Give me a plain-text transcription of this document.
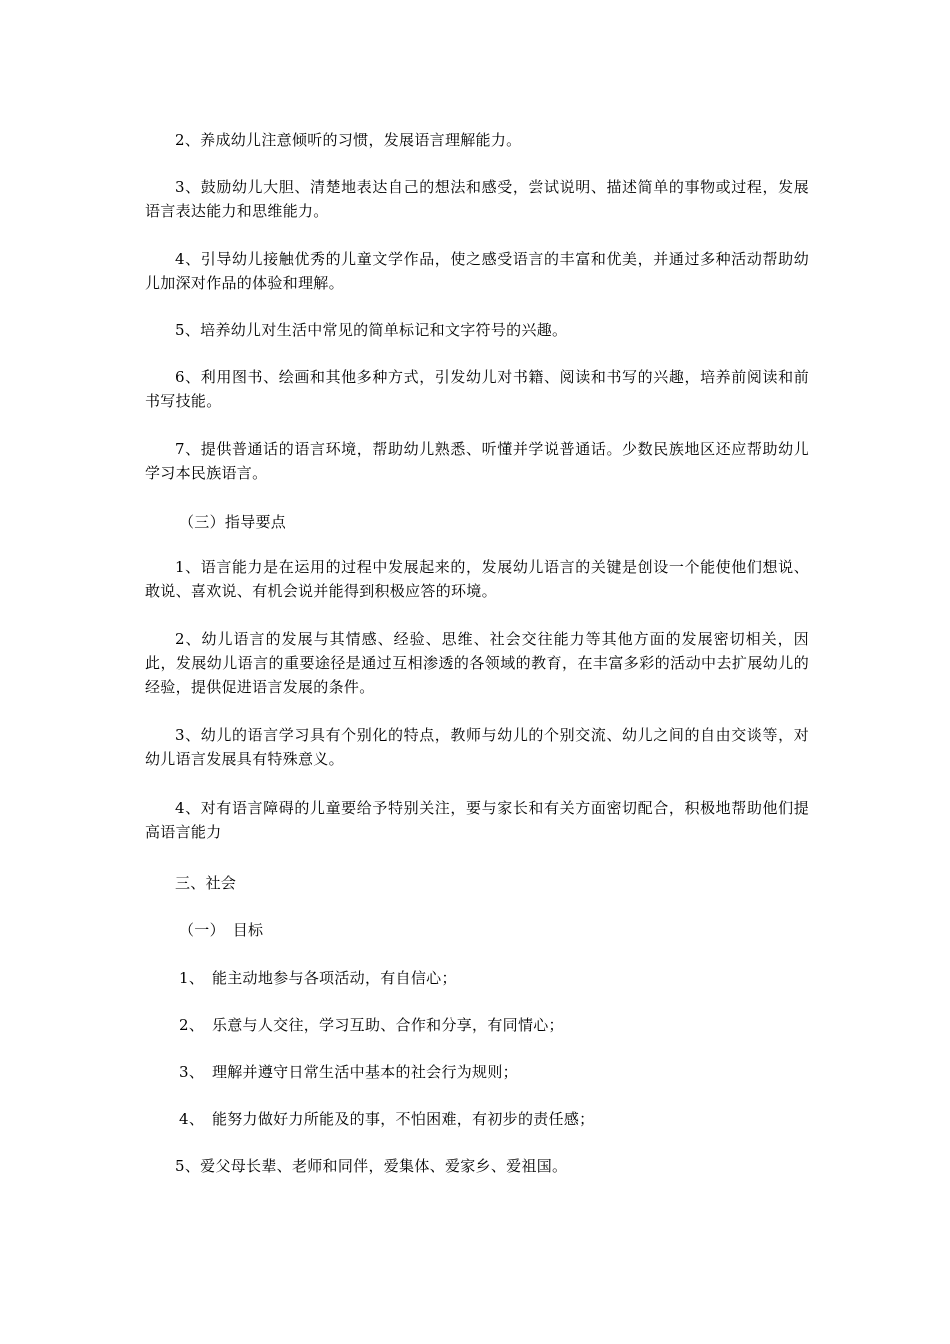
2、养成幼儿注意倾听的习惯，发展语言理解能力。

3、鼓励幼儿大胆、清楚地表达自己的想法和感受，尝试说明、描述简单的事物或过程，发展语言表达能力和思维能力。

4、引导幼儿接触优秀的儿童文学作品，使之感受语言的丰富和优美，并通过多种活动帮助幼儿加深对作品的体验和理解。

5、培养幼儿对生活中常见的简单标记和文字符号的兴趣。

6、利用图书、绘画和其他多种方式，引发幼儿对书籍、阅读和书写的兴趣，培养前阅读和前书写技能。

7、提供普通话的语言环境，帮助幼儿熟悉、听懂并学说普通话。少数民族地区还应帮助幼儿学习本民族语言。

（三）指导要点

1、语言能力是在运用的过程中发展起来的，发展幼儿语言的关键是创设一个能使他们想说、敢说、喜欢说、有机会说并能得到积极应答的环境。

2、幼儿语言的发展与其情感、经验、思维、社会交往能力等其他方面的发展密切相关，因此，发展幼儿语言的重要途径是通过互相渗透的各领域的教育，在丰富多彩的活动中去扩展幼儿的经验，提供促进语言发展的条件。

3、幼儿的语言学习具有个别化的特点，教师与幼儿的个别交流、幼儿之间的自由交谈等，对幼儿语言发展具有特殊意义。

4、对有语言障碍的儿童要给予特别关注，要与家长和有关方面密切配合，积极地帮助他们提高语言能力

三、社会

（一）　目标

1、　能主动地参与各项活动，有自信心；

2、　乐意与人交往，学习互助、合作和分享，有同情心；

3、　理解并遵守日常生活中基本的社会行为规则；

4、　能努力做好力所能及的事，不怕困难，有初步的责任感；

5、爱父母长辈、老师和同伴，爱集体、爱家乡、爱祖国。
